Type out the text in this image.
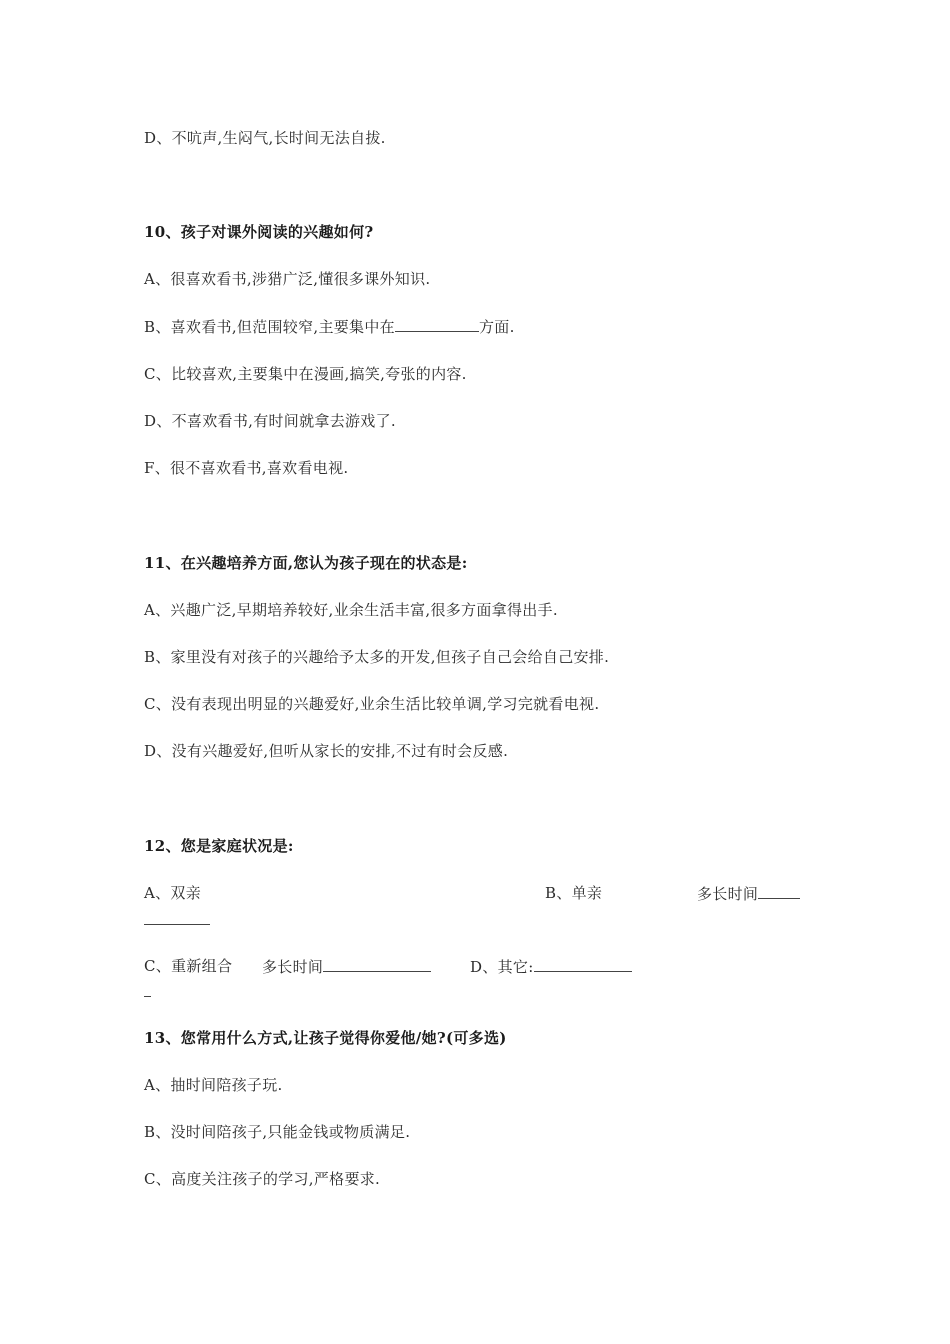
D、不吭声,生闷气,长时间无法自拔.
10、孩子对课外阅读的兴趣如何?
A、很喜欢看书,涉猎广泛,懂很多课外知识.
B、喜欢看书,但范围较窄,主要集中在	方面.
C、比较喜欢,主要集中在漫画,搞笑,夸张的内容.
D、不喜欢看书,有时间就拿去游戏了.
F、很不喜欢看书,喜欢看电视.
11、在兴趣培养方面,您认为孩子现在的状态是:
A、兴趣广泛,早期培养较好,业余生活丰富,很多方面拿得出手.
B、家里没有对孩子的兴趣给予太多的开发,但孩子自己会给自己安排.
C、没有表现出明显的兴趣爱好,业余生活比较单调,学习完就看电视.
D、没有兴趣爱好,但听从家长的安排,不过有时会反感.
12、您是家庭状况是:
A、双亲	B、单亲	多长时间
C、重新组合 多长时间	D、其它:
13、您常用什么方式,让孩子觉得你爱他/她?(可多选)
A、抽时间陪孩子玩.
B、没时间陪孩子,只能金钱或物质满足.
C、高度关注孩子的学习,严格要求.
